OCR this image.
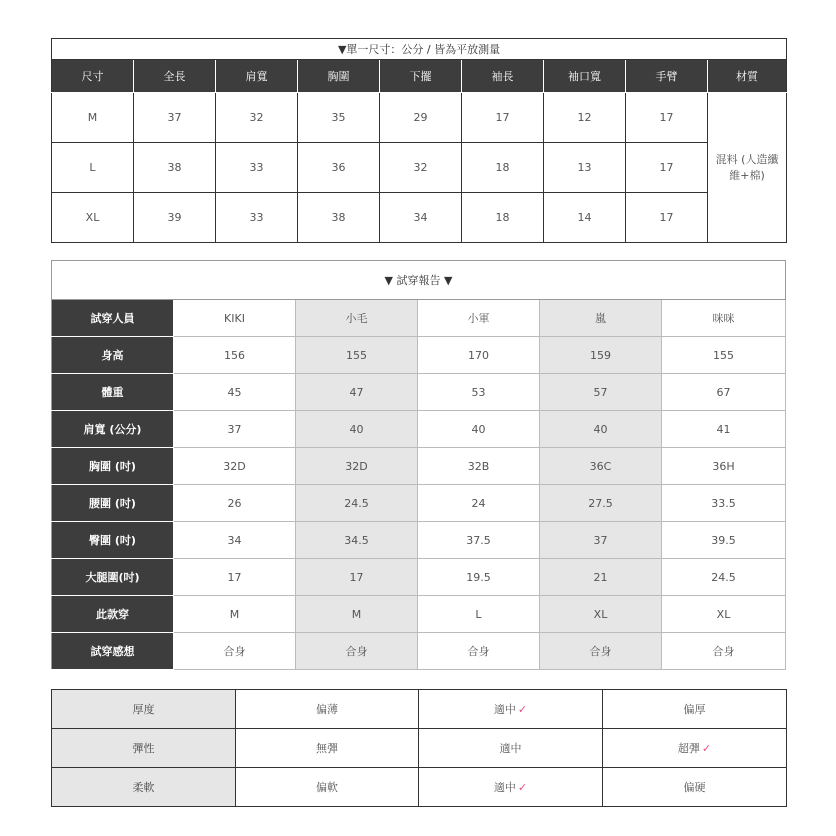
▼單一尺寸：公分 / 皆為平放測量								
尺寸	全長	肩寬	胸圍	下擺	袖長	袖口寬	手臂	材質
M	37	32	35	29	17	12	17	混料 (人造纖維+棉)
L	38	33	36	32	18	13	17	
XL	39	33	38	34	18	14	17	
▼ 試穿報告 ▼					
試穿人員	KIKI	小毛	小軍	嵐	咪咪
身高	156	155	170	159	155
體重	45	47	53	57	67
肩寬 (公分)	37	40	40	40	41
胸圍 (吋)	32D	32D	32B	36C	36H
腰圍 (吋)	26	24.5	24	27.5	33.5
臀圍 (吋)	34	34.5	37.5	37	39.5
大腿圍(吋)	17	17	19.5	21	24.5
此款穿	M	M	L	XL	XL
試穿感想	合身	合身	合身	合身	合身
厚度	偏薄	適中 ✓	偏厚
彈性	無彈	適中	超彈 ✓
柔軟	偏軟	適中 ✓	偏硬
